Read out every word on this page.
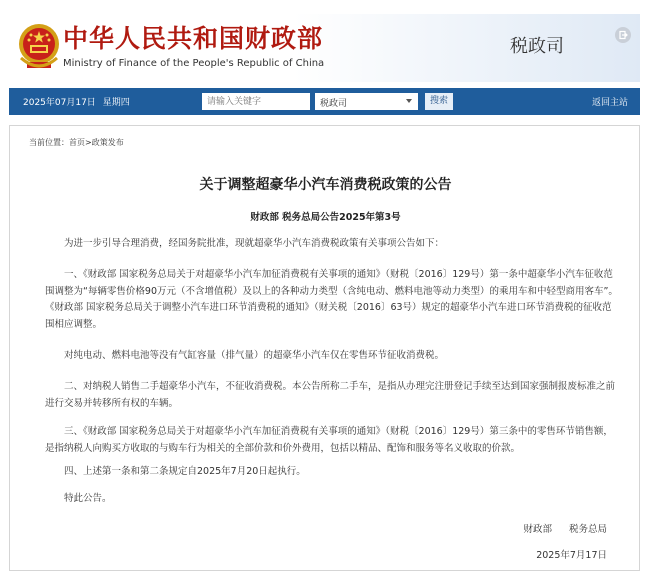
中华人民共和国财政部
Ministry of Finance of the People's Republic of China
税政司
2025年07月17日 星期四
请输入关键字	税政司	搜索	返回主站
当前位置：首页>政策发布
关于调整超豪华小汽车消费税政策的公告
财政部 税务总局公告2025年第3号

为进一步引导合理消费，经国务院批准，现就超豪华小汽车消费税政策有关事项公告如下：

一、《财政部 国家税务总局关于对超豪华小汽车加征消费税有关事项的通知》（财税〔2016〕129号）第一条中超豪华小汽车征收范围调整为“每辆零售价格90万元（不含增值税）及以上的各种动力类型（含纯电动、燃料电池等动力类型）的乘用车和中轻型商用客车”。《财政部 国家税务总局关于调整小汽车进口环节消费税的通知》（财关税〔2016〕63号）规定的超豪华小汽车进口环节消费税的征收范围相应调整。

对纯电动、燃料电池等没有气缸容量（排气量）的超豪华小汽车仅在零售环节征收消费税。

二、对纳税人销售二手超豪华小汽车，不征收消费税。本公告所称二手车，是指从办理完注册登记手续至达到国家强制报废标准之前进行交易并转移所有权的车辆。

三、《财政部 国家税务总局关于对超豪华小汽车加征消费税有关事项的通知》（财税〔2016〕129号）第三条中的零售环节销售额，是指纳税人向购买方收取的与购车行为相关的全部价款和价外费用，包括以精品、配饰和服务等名义收取的价款。

四、上述第一条和第二条规定自2025年7月20日起执行。

特此公告。

财政部 税务总局
2025年7月17日
